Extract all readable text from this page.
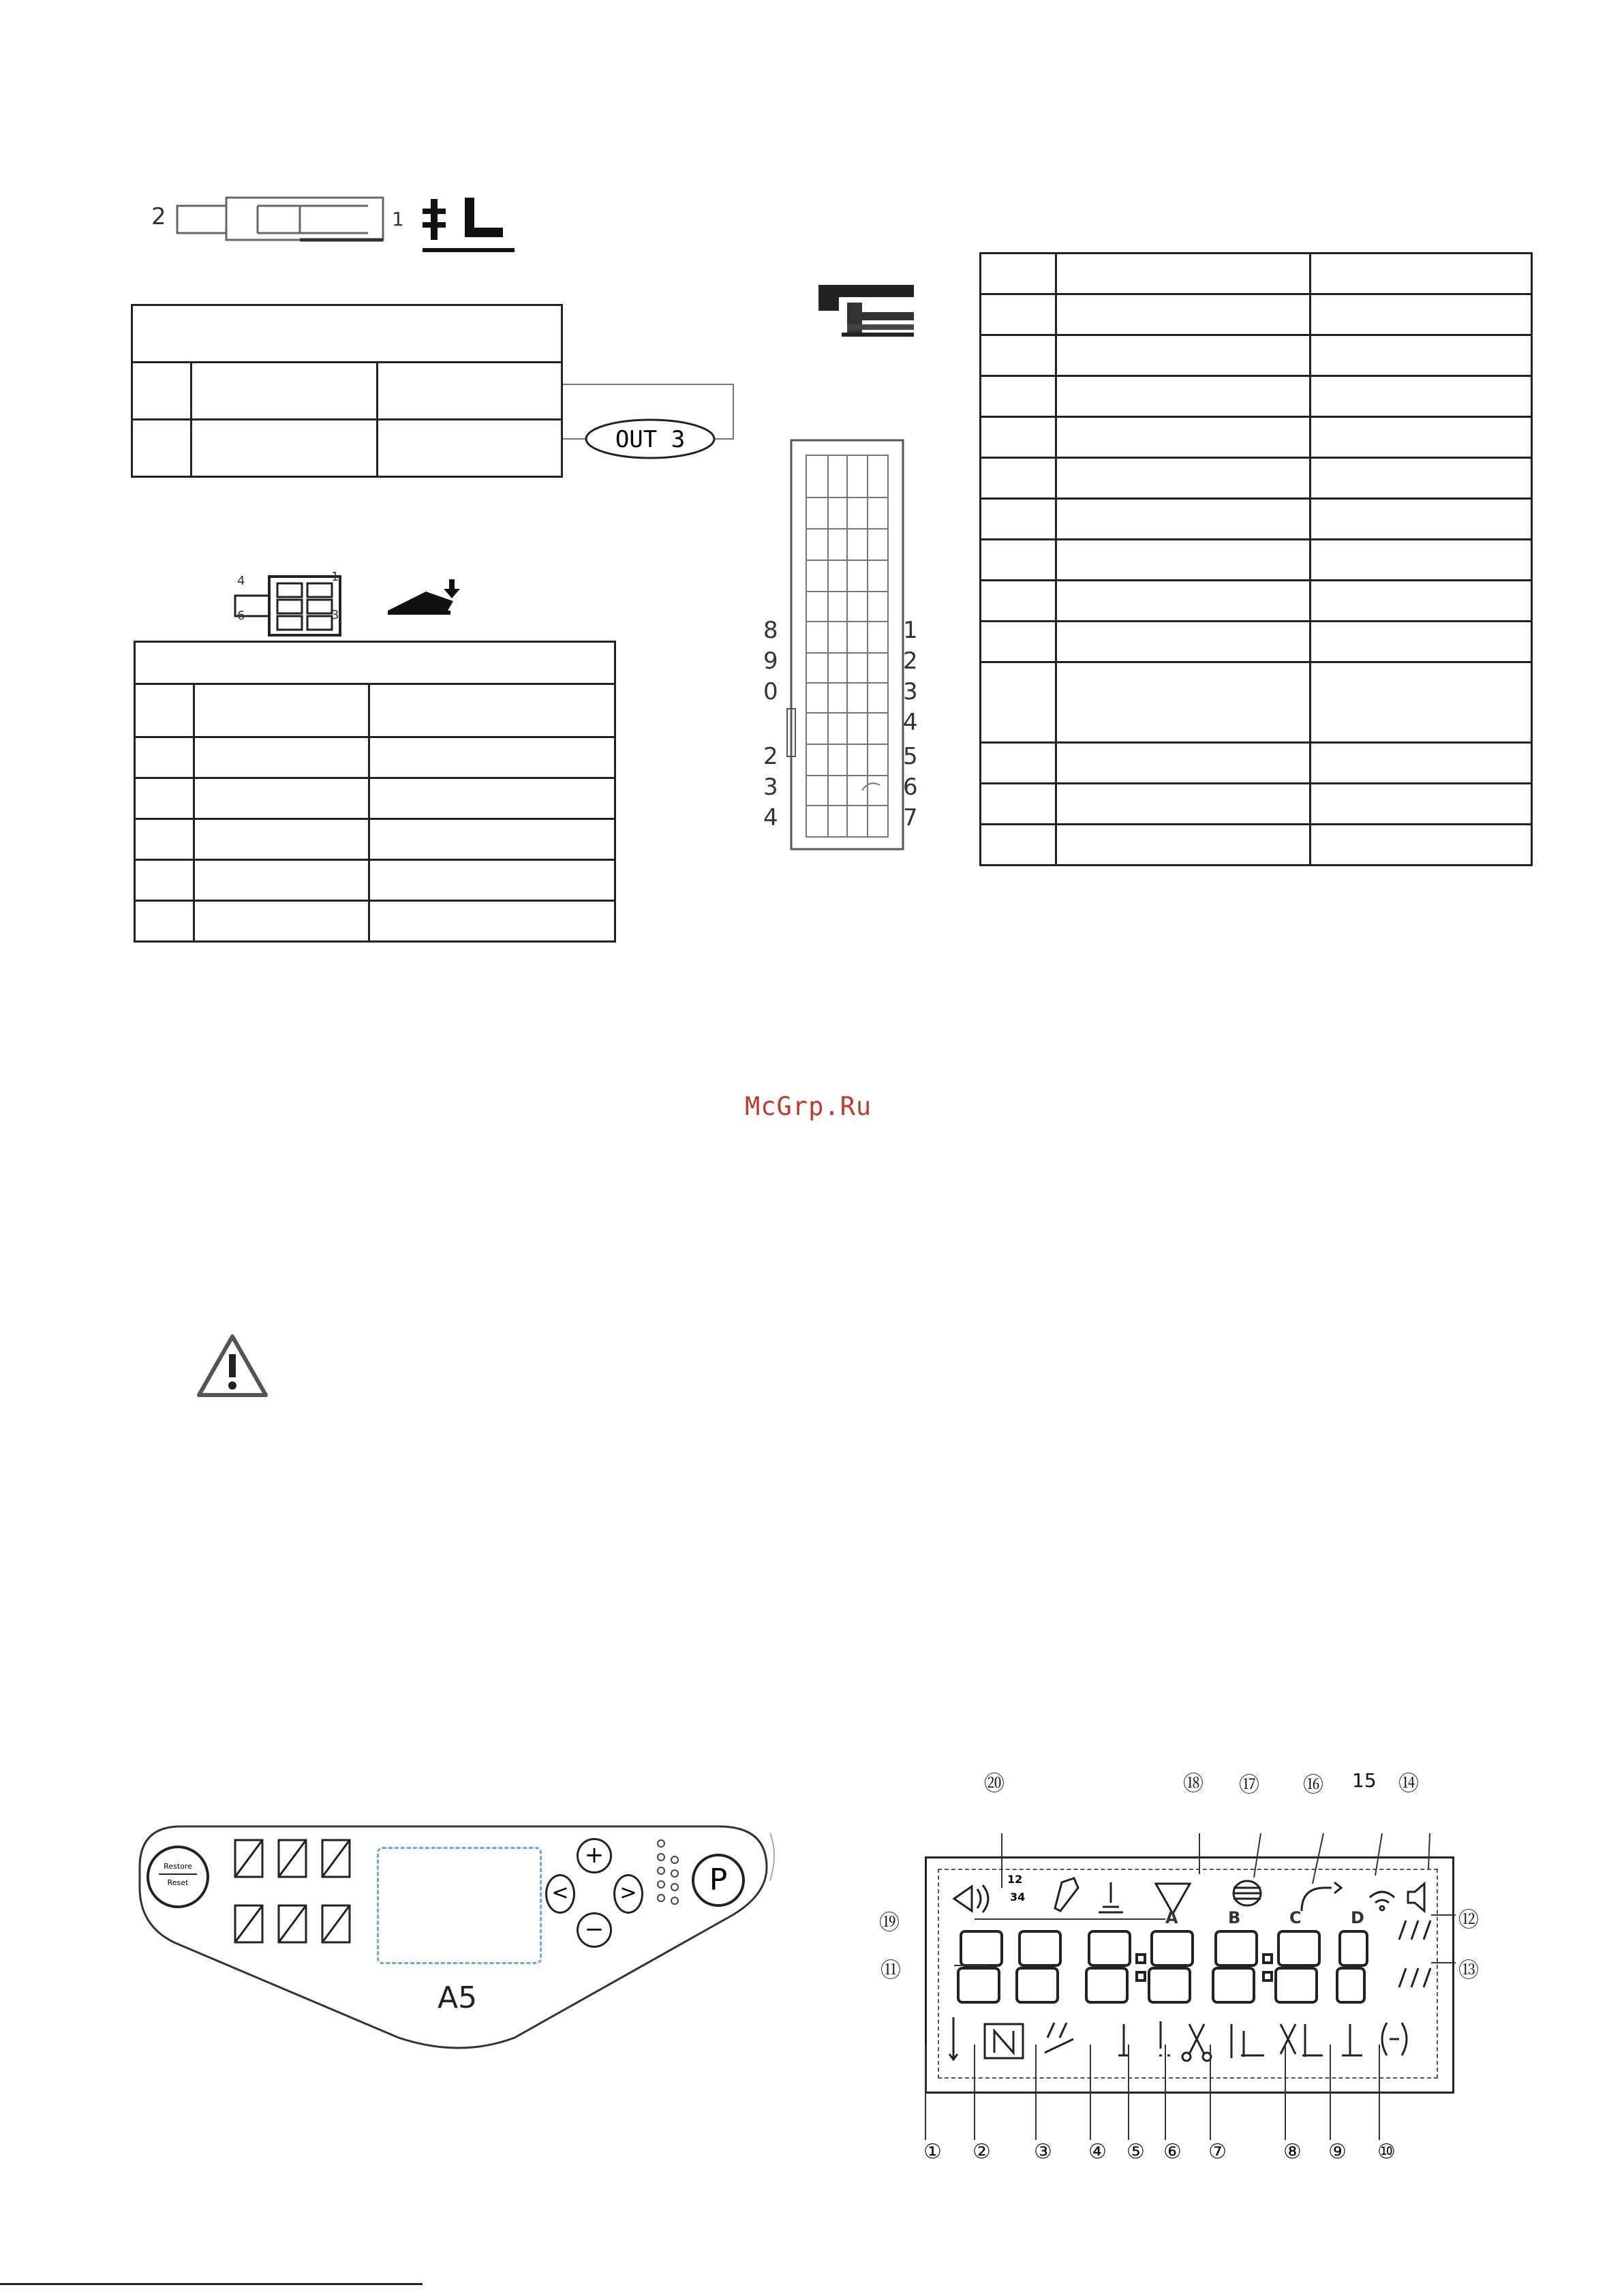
2	1

OUT 3
1
3
4
6

8
9
0
2
3
4
1
2
3
4
5
6
7

McGrp.Ru
Restore
Reset
+
<	>
−
P
A5
12
34
A	B	C	D
① ② ③ ④ ⑤ ⑥ ⑦	⑧ ⑨ ⑩
⑪
⑫
⑬
⑭
15
⑯
⑰
⑱
⑲
⑳
